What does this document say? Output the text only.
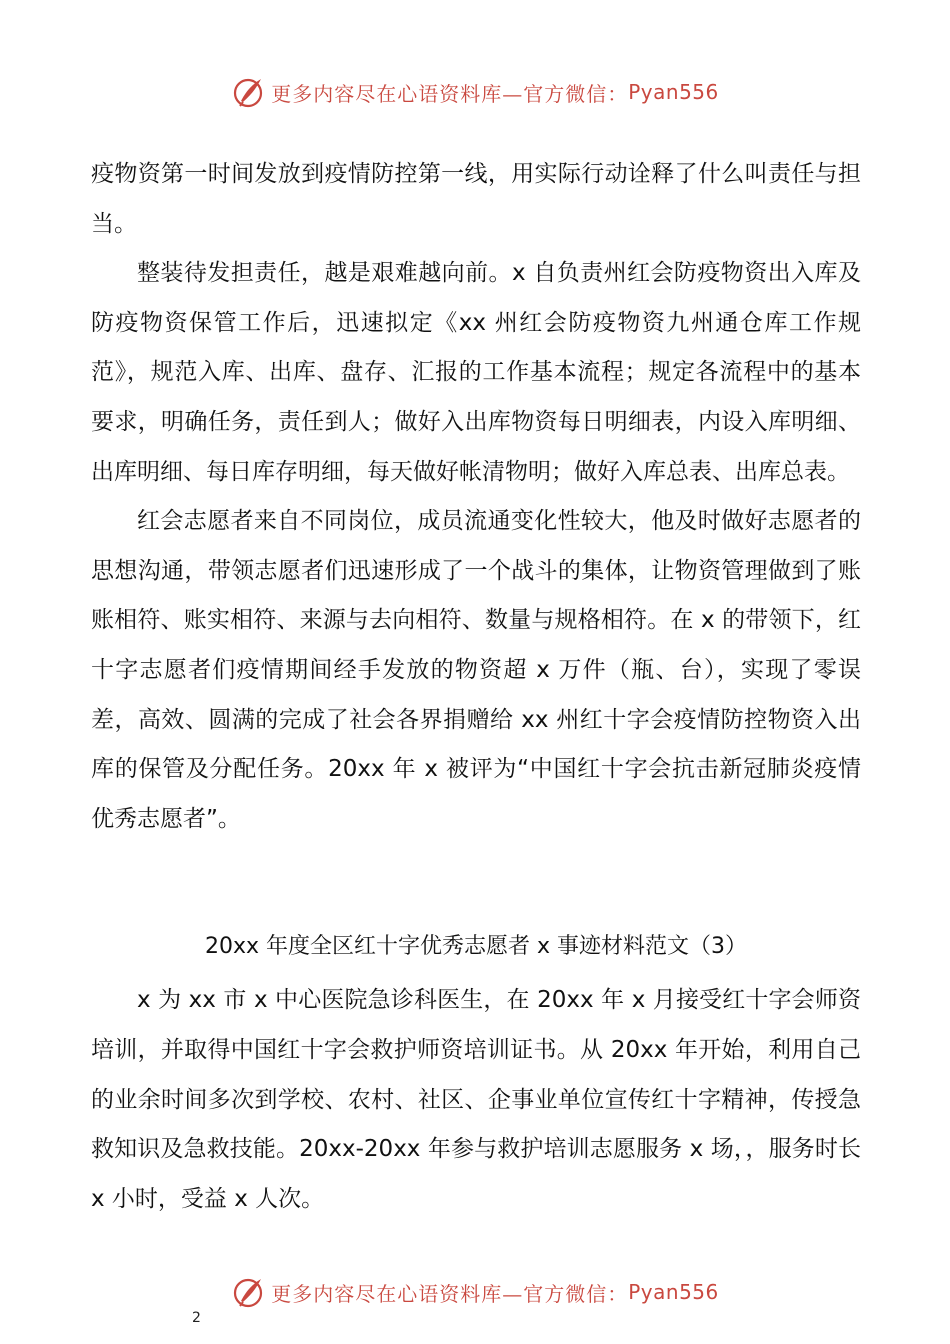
更多内容尽在心语资料库—官方微信： Pyan556

疫物资第一时间发放到疫情防控第一线，用实际行动诠释了什么叫责任与担当。

整装待发担责任，越是艰难越向前。x 自负责州红会防疫物资出入库及防疫物资保管工作后，迅速拟定《xx 州红会防疫物资九州通仓库工作规范》，规范入库、出库、盘存、汇报的工作基本流程；规定各流程中的基本要求，明确任务，责任到人；做好入出库物资每日明细表，内设入库明细、出库明细、每日库存明细，每天做好帐清物明；做好入库总表、出库总表。

红会志愿者来自不同岗位，成员流通变化性较大，他及时做好志愿者的思想沟通，带领志愿者们迅速形成了一个战斗的集体，让物资管理做到了账账相符、账实相符、来源与去向相符、数量与规格相符。在 x 的带领下，红十字志愿者们疫情期间经手发放的物资超 x 万件（瓶、台），实现了零误差，高效、圆满的完成了社会各界捐赠给 xx 州红十字会疫情防控物资入出库的保管及分配任务。20xx 年 x 被评为“中国红十字会抗击新冠肺炎疫情优秀志愿者”。

20xx 年度全区红十字优秀志愿者 x 事迹材料范文（3）

x 为 xx 市 x 中心医院急诊科医生，在 20xx 年 x 月接受红十字会师资培训，并取得中国红十字会救护师资培训证书。从 20xx 年开始，利用自己的业余时间多次到学校、农村、社区、企事业单位宣传红十字精神，传授急救知识及急救技能。20xx-20xx 年参与救护培训志愿服务 x 场，，服务时长 x 小时，受益 x 人次。

更多内容尽在心语资料库—官方微信： Pyan556
2
